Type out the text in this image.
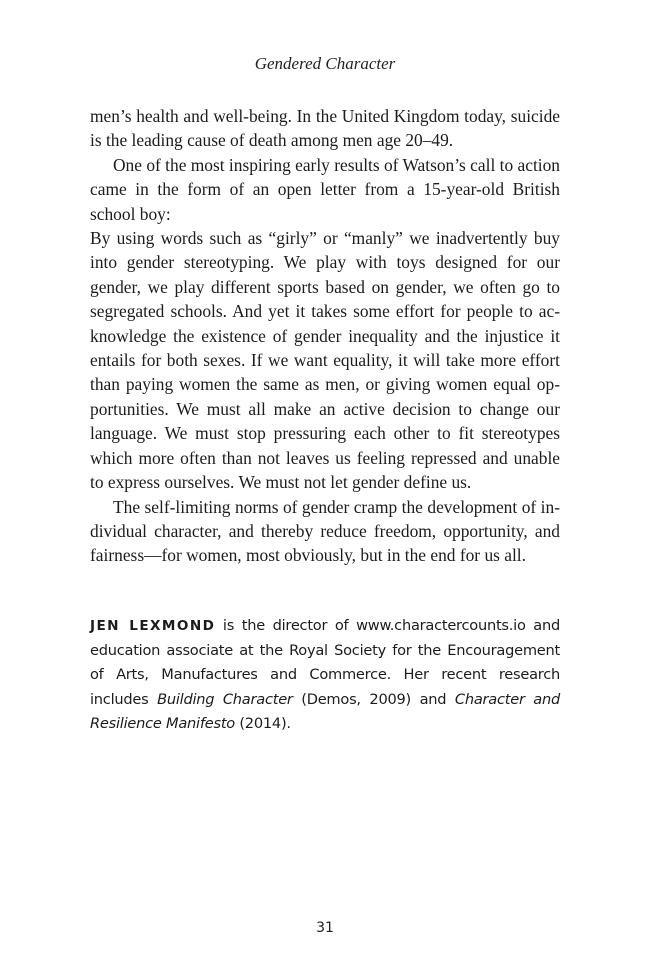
Gendered Character

men’s health and well-being. In the United Kingdom today, suicide is the leading cause of death among men age 20–49.

One of the most inspiring early results of Watson’s call to action came in the form of an open letter from a 15-year-old British school boy:

By using words such as “girly” or “manly” we inadvertently buy into gender stereotyping. We play with toys designed for our gender, we play different sports based on gender, we often go to segregated schools. And yet it takes some effort for people to acknowledge the existence of gender inequality and the injustice it entails for both sexes. If we want equality, it will take more effort than paying women the same as men, or giving women equal opportunities. We must all make an active decision to change our language. We must stop pressuring each other to fit stereotypes which more often than not leaves us feeling repressed and unable to express ourselves. We must not let gender define us.

The self-limiting norms of gender cramp the development of individual character, and thereby reduce freedom, opportunity, and fairness—for women, most obviously, but in the end for us all.

JEN LEXMOND is the director of www.charactercounts.io and education associate at the Royal Society for the Encouragement of Arts, Manufactures and Commerce. Her recent research includes Building Character (Demos, 2009) and Character and Resilience Manifesto (2014).
31
